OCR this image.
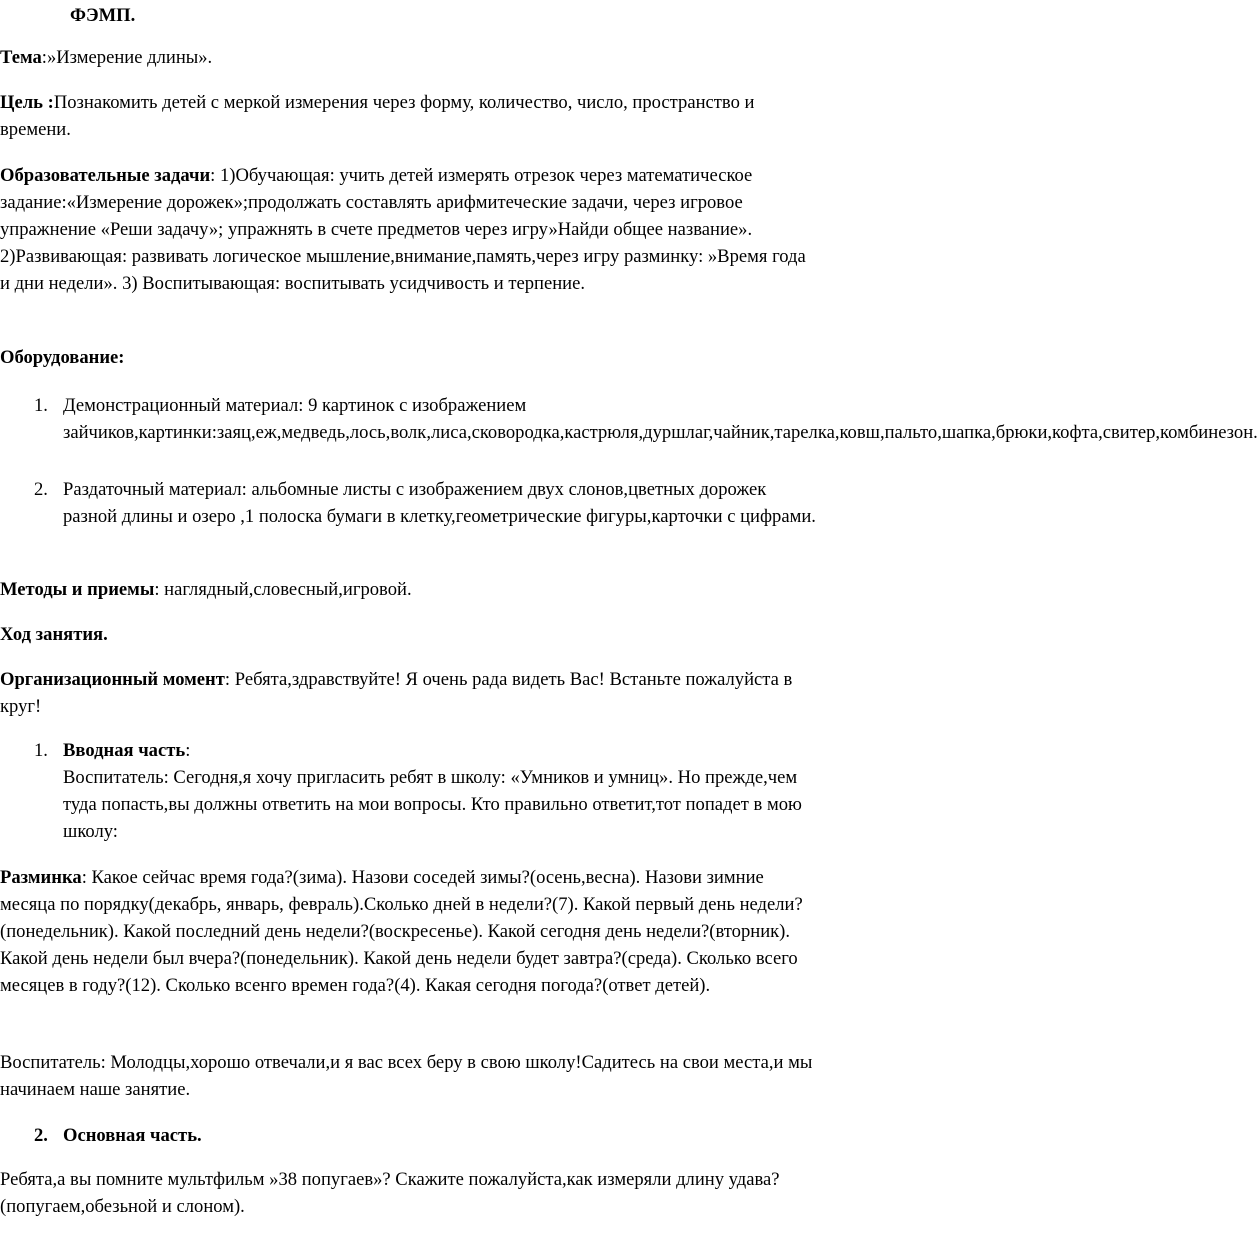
ФЭМП.

Тема:»Измерение длины».

Цель :Познакомить детей с меркой измерения через форму, количество, число, пространство и времени.

Образовательные задачи: 1)Обучающая: учить детей измерять отрезок через математическое задание:«Измерение дорожек»;продолжать составлять арифмитеческие задачи, через игровое упражнение «Реши задачу»; упражнять в счете предметов через игру»Найди общее название».2)Развивающая: развивать логическое мышление,внимание,память,через игру разминку: »Время года и дни недели». 3) Воспитывающая: воспитывать усидчивость и терпение.

Оборудование:

1. Демонстрационный материал: 9 картинок с изображением зайчиков,картинки:заяц,еж,медведь,лось,волк,лиса,сковородка,кастрюля,дуршлаг,чайник,тарелка,ковш,пальто,шапка,брюки,кофта,свитер,комбинезон.
2. Раздаточный материал: альбомные листы с изображением двух слонов,цветных дорожек разной длины и озеро ,1 полоска бумаги в клетку,геометрические фигуры,карточки с цифрами.

Методы и приемы: наглядный,словесный,игровой.

Ход занятия.

Организационный момент: Ребята,здравствуйте! Я очень рада видеть Вас! Встаньте пожалуйста в круг!

1. Вводная часть:
Воспитатель: Сегодня,я хочу пригласить ребят в школу: «Умников и умниц». Но прежде,чем туда попасть,вы должны ответить на мои вопросы. Кто правильно ответит,тот попадет в мою школу:

Разминка: Какое сейчас время года?(зима). Назови соседей зимы?(осень,весна). Назови зимние месяца по порядку(декабрь, январь, февраль).Сколько дней в недели?(7). Какой первый день недели?(понедельник). Какой последний день недели?(воскресенье). Какой сегодня день недели?(вторник). Какой день недели был вчера?(понедельник). Какой день недели будет завтра?(среда). Сколько всего месяцев в году?(12). Сколько всенго времен года?(4). Какая сегодня погода?(ответ детей).

Воспитатель: Молодцы,хорошо отвечали,и я вас всех беру в свою школу!Садитесь на свои места,и мы начинаем наше занятие.

2. Основная часть.

Ребята,а вы помните мультфильм »38 попугаев»? Скажите пожалуйста,как измеряли длину удава?(попугаем,обезьной и слоном).
